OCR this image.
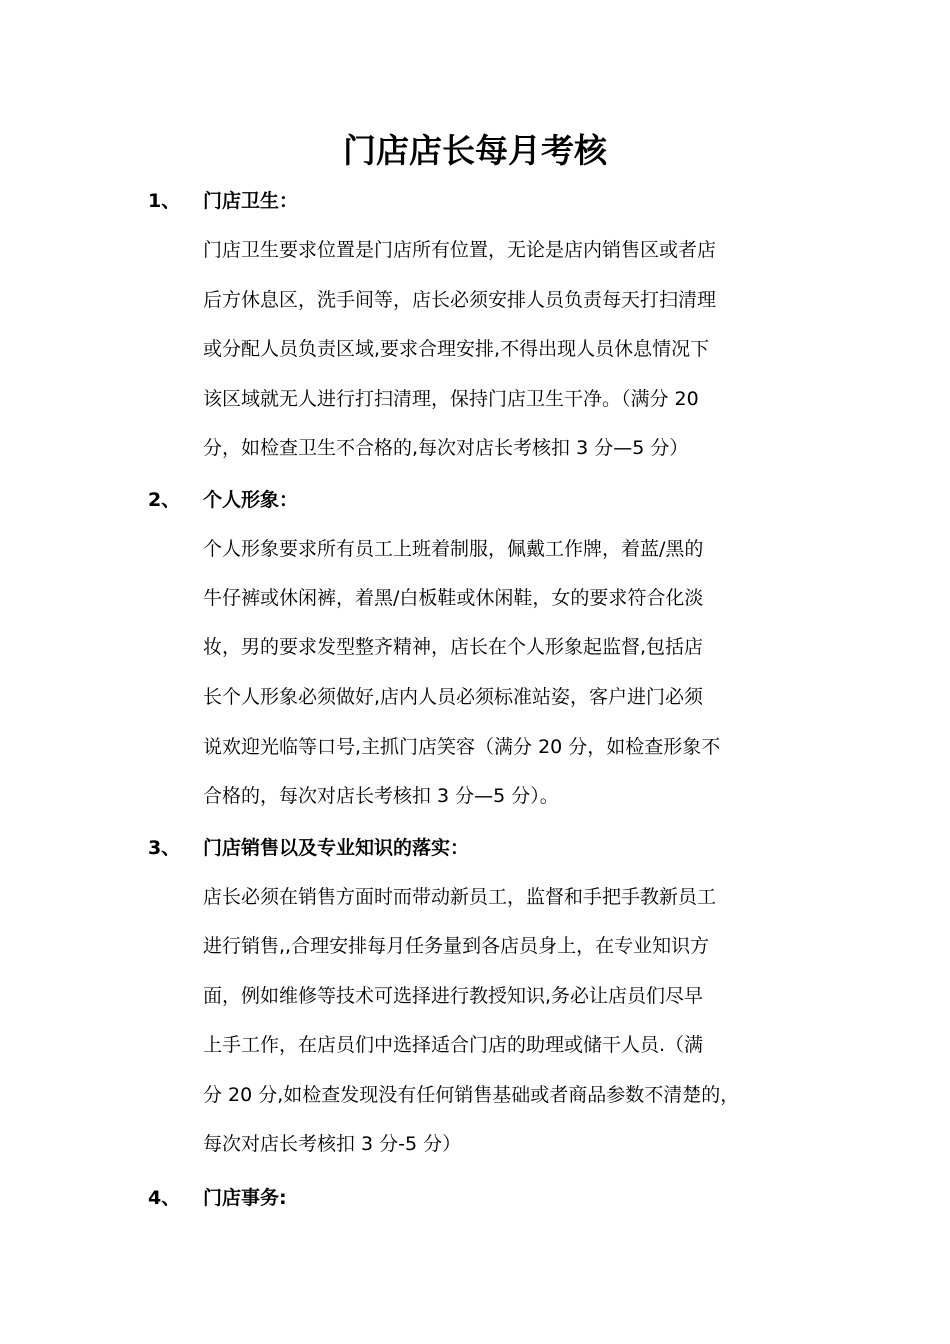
门店店长每月考核
1、 门店卫生：
门店卫生要求位置是门店所有位置，无论是店内销售区或者店
后方休息区，洗手间等，店长必须安排人员负责每天打扫清理
或分配人员负责区域,要求合理安排,不得出现人员休息情况下
该区域就无人进行打扫清理，保持门店卫生干净。（满分 20
分，如检查卫生不合格的,每次对店长考核扣 3 分—5 分）
2、 个人形象：
个人形象要求所有员工上班着制服，佩戴工作牌，着蓝/黑的
牛仔裤或休闲裤，着黑/白板鞋或休闲鞋，女的要求符合化淡
妆，男的要求发型整齐精神，店长在个人形象起监督,包括店
长个人形象必须做好,店内人员必须标准站姿，客户进门必须
说欢迎光临等口号,主抓门店笑容（满分 20 分，如检查形象不
合格的，每次对店长考核扣 3 分—5 分）。
3、 门店销售以及专业知识的落实：
店长必须在销售方面时而带动新员工，监督和手把手教新员工
进行销售,,合理安排每月任务量到各店员身上，在专业知识方
面，例如维修等技术可选择进行教授知识,务必让店员们尽早
上手工作，在店员们中选择适合门店的助理或储干人员.（满
分 20 分,如检查发现没有任何销售基础或者商品参数不清楚的，
每次对店长考核扣 3 分-5 分）
4、 门店事务:
